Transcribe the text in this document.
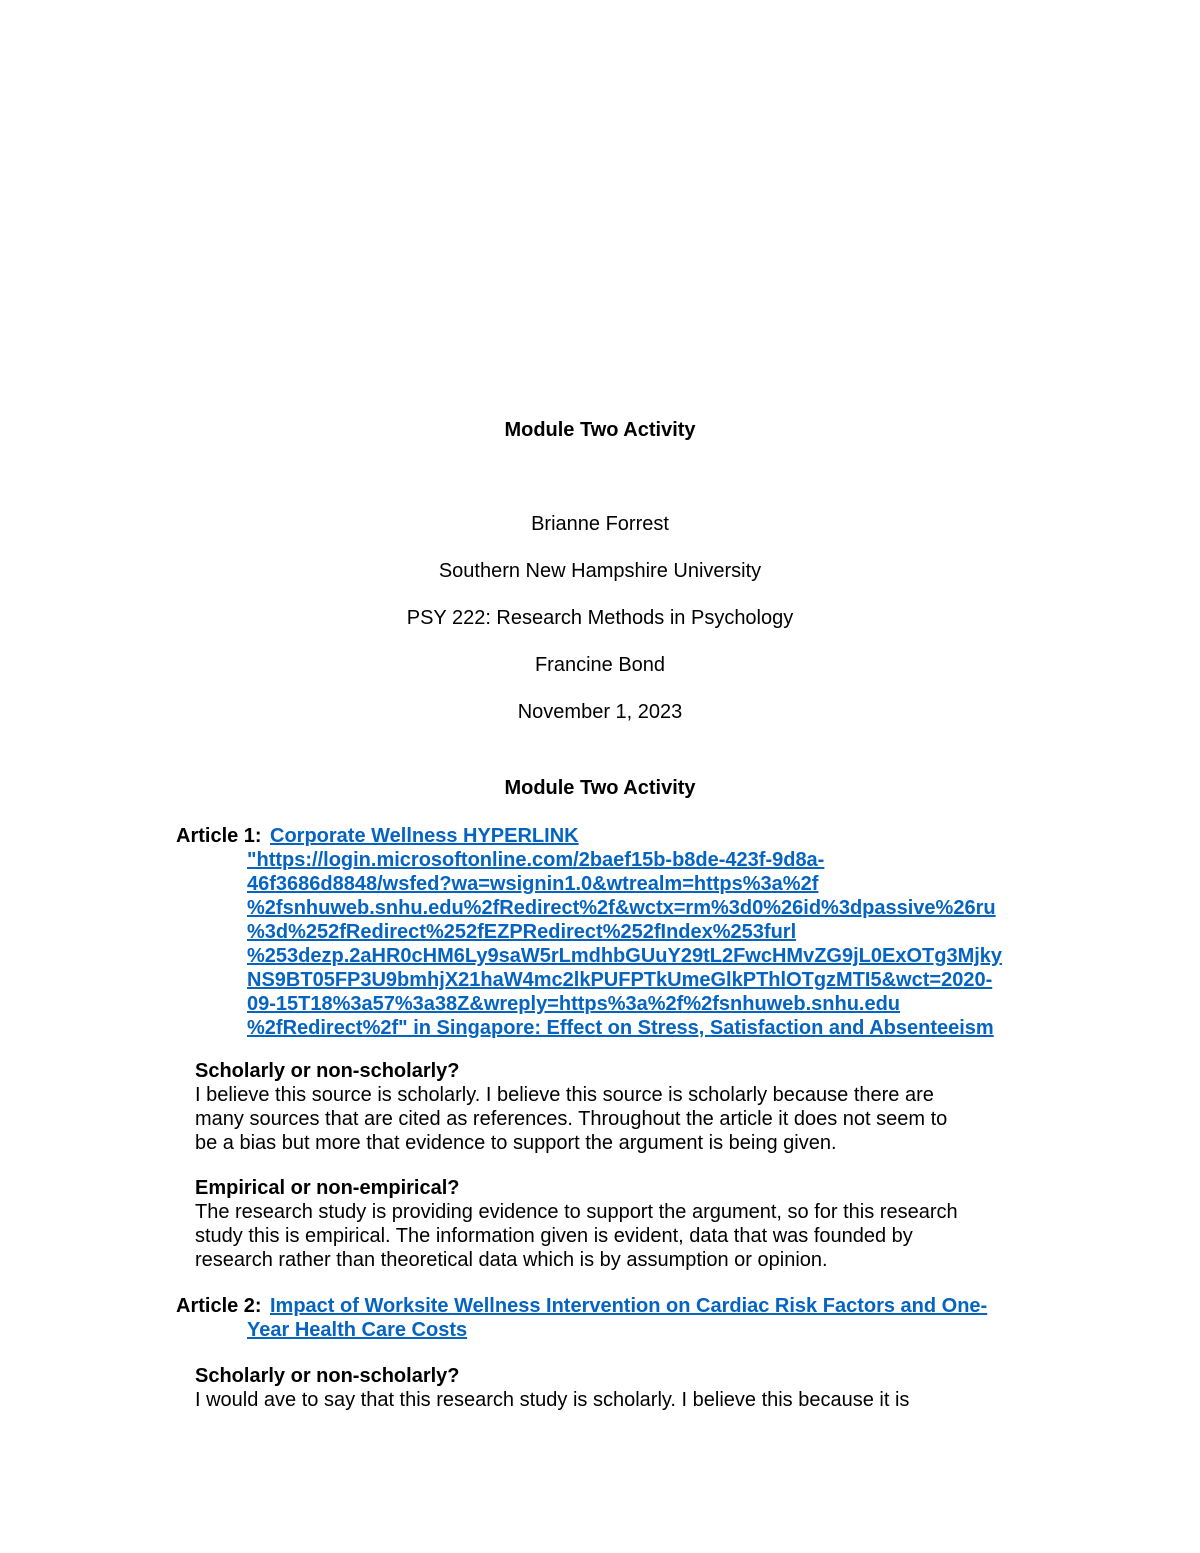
Module Two Activity
Brianne Forrest
Southern New Hampshire University
PSY 222: Research Methods in Psychology
Francine Bond
November 1, 2023
Module Two Activity
Article 1: Corporate Wellness HYPERLINK
"https://login.microsoftonline.com/2baef15b-b8de-423f-9d8a-
46f3686d8848/wsfed?wa=wsignin1.0&wtrealm=https%3a%2f
%2fsnhuweb.snhu.edu%2fRedirect%2f&wctx=rm%3d0%26id%3dpassive%26ru
%3d%252fRedirect%252fEZPRedirect%252fIndex%253furl
%253dezp.2aHR0cHM6Ly9saW5rLmdhbGUuY29tL2FwcHMvZG9jL0ExOTg3Mjky
NS9BT05FP3U9bmhjX21haW4mc2lkPUFPTkUmeGlkPThlOTgzMTI5&wct=2020-
09-15T18%3a57%3a38Z&wreply=https%3a%2f%2fsnhuweb.snhu.edu
%2fRedirect%2f" in Singapore: Effect on Stress, Satisfaction and Absenteeism
Scholarly or non-scholarly?
I believe this source is scholarly. I believe this source is scholarly because there are
many sources that are cited as references. Throughout the article it does not seem to
be a bias but more that evidence to support the argument is being given.
Empirical or non-empirical?
The research study is providing evidence to support the argument, so for this research
study this is empirical. The information given is evident, data that was founded by
research rather than theoretical data which is by assumption or opinion.
Article 2: Impact of Worksite Wellness Intervention on Cardiac Risk Factors and One-
Year Health Care Costs
Scholarly or non-scholarly?
I would ave to say that this research study is scholarly. I believe this because it is
